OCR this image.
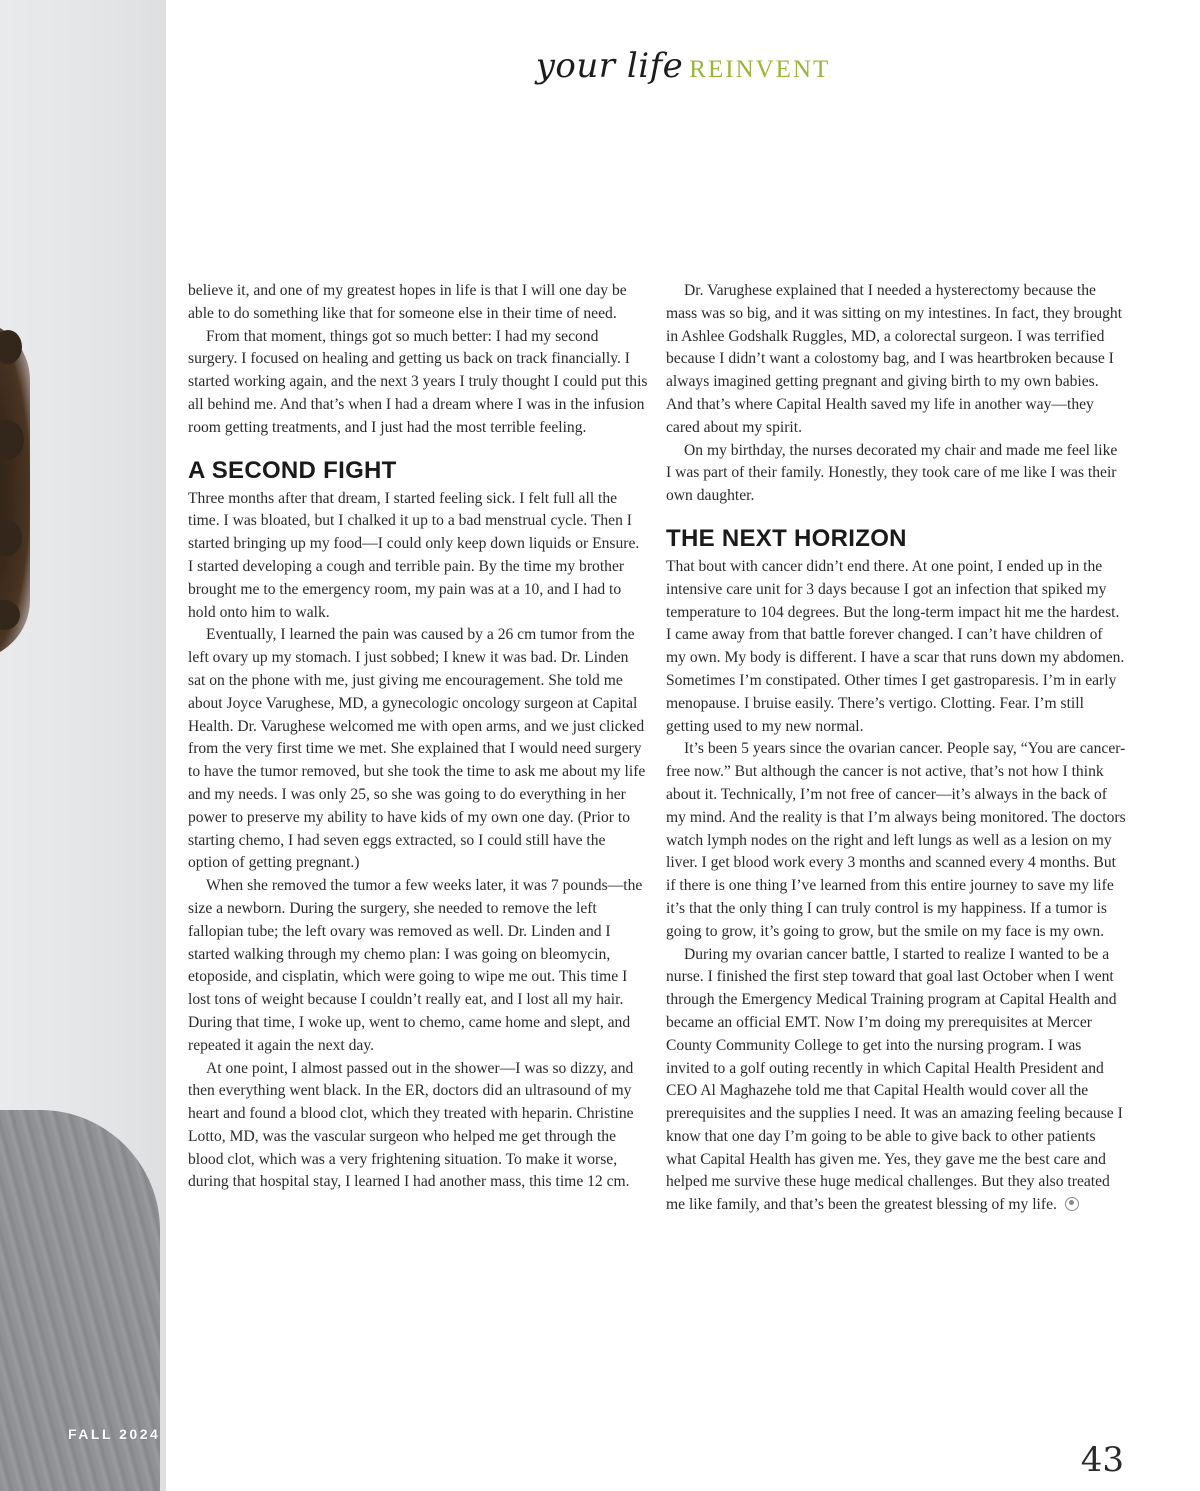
FALL 2024
your life REINVENT

believe it, and one of my greatest hopes in life is that I will one day be able to do something like that for someone else in their time of need.

From that moment, things got so much better: I had my second surgery. I focused on healing and getting us back on track financially. I started working again, and the next 3 years I truly thought I could put this all behind me. And that’s when I had a dream where I was in the infusion room getting treatments, and I just had the most terrible feeling.

A SECOND FIGHT

Three months after that dream, I started feeling sick. I felt full all the time. I was bloated, but I chalked it up to a bad menstrual cycle. Then I started bringing up my food—I could only keep down liquids or Ensure. I started developing a cough and terrible pain. By the time my brother brought me to the emergency room, my pain was at a 10, and I had to hold onto him to walk.

Eventually, I learned the pain was caused by a 26 cm tumor from the left ovary up my stomach. I just sobbed; I knew it was bad. Dr. Linden sat on the phone with me, just giving me encouragement. She told me about Joyce Varughese, MD, a gynecologic oncology surgeon at Capital Health. Dr. Varughese welcomed me with open arms, and we just clicked from the very first time we met. She explained that I would need surgery to have the tumor removed, but she took the time to ask me about my life and my needs. I was only 25, so she was going to do everything in her power to preserve my ability to have kids of my own one day. (Prior to starting chemo, I had seven eggs extracted, so I could still have the option of getting pregnant.)

When she removed the tumor a few weeks later, it was 7 pounds—the size a newborn. During the surgery, she needed to remove the left fallopian tube; the left ovary was removed as well. Dr. Linden and I started walking through my chemo plan: I was going on bleomycin, etoposide, and cisplatin, which were going to wipe me out. This time I lost tons of weight because I couldn’t really eat, and I lost all my hair. During that time, I woke up, went to chemo, came home and slept, and repeated it again the next day.

At one point, I almost passed out in the shower—I was so dizzy, and then everything went black. In the ER, doctors did an ultrasound of my heart and found a blood clot, which they treated with heparin. Christine Lotto, MD, was the vascular surgeon who helped me get through the blood clot, which was a very frightening situation. To make it worse, during that hospital stay, I learned I had another mass, this time 12 cm.

Dr. Varughese explained that I needed a hysterectomy because the mass was so big, and it was sitting on my intestines. In fact, they brought in Ashlee Godshalk Ruggles, MD, a colorectal surgeon. I was terrified because I didn’t want a colostomy bag, and I was heartbroken because I always imagined getting pregnant and giving birth to my own babies. And that’s where Capital Health saved my life in another way—they cared about my spirit.

On my birthday, the nurses decorated my chair and made me feel like I was part of their family. Honestly, they took care of me like I was their own daughter.

THE NEXT HORIZON

That bout with cancer didn’t end there. At one point, I ended up in the intensive care unit for 3 days because I got an infection that spiked my temperature to 104 degrees. But the long-term impact hit me the hardest. I came away from that battle forever changed. I can’t have children of my own. My body is different. I have a scar that runs down my abdomen. Sometimes I’m constipated. Other times I get gastroparesis. I’m in early menopause. I bruise easily. There’s vertigo. Clotting. Fear. I’m still getting used to my new normal.

It’s been 5 years since the ovarian cancer. People say, “You are cancer-free now.” But although the cancer is not active, that’s not how I think about it. Technically, I’m not free of cancer—it’s always in the back of my mind. And the reality is that I’m always being monitored. The doctors watch lymph nodes on the right and left lungs as well as a lesion on my liver. I get blood work every 3 months and scanned every 4 months. But if there is one thing I’ve learned from this entire journey to save my life it’s that the only thing I can truly control is my happiness. If a tumor is going to grow, it’s going to grow, but the smile on my face is my own.

During my ovarian cancer battle, I started to realize I wanted to be a nurse. I finished the first step toward that goal last October when I went through the Emergency Medical Training program at Capital Health and became an official EMT. Now I’m doing my prerequisites at Mercer County Community College to get into the nursing program. I was invited to a golf outing recently in which Capital Health President and CEO Al Maghazehe told me that Capital Health would cover all the prerequisites and the supplies I need. It was an amazing feeling because I know that one day I’m going to be able to give back to other patients what Capital Health has given me. Yes, they gave me the best care and helped me survive these huge medical challenges. But they also treated me like family, and that’s been the greatest blessing of my life.

43
